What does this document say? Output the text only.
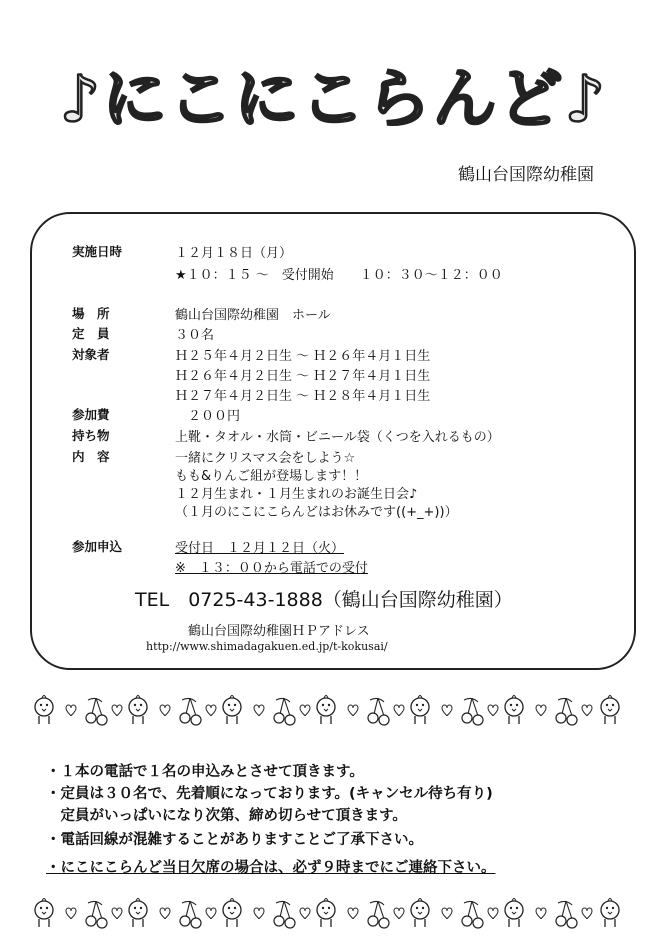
♪にこにこらんど♪
鶴山台国際幼稚園
実施日時	１２月１８日（月）
★１０：１５ ～　受付開始　　１０：３０～１２：００
場　所	鶴山台国際幼稚園　ホール
定　員	３０名
対象者	Ｈ２５年４月２日生 ～ Ｈ２６年４月１日生
Ｈ２６年４月２日生 ～ Ｈ２７年４月１日生
Ｈ２７年４月２日生 ～ Ｈ２８年４月１日生
参加費	２００円
持ち物	上靴・タオル・水筒・ビニール袋（くつを入れるもの）
内　容	一緒にクリスマス会をしよう☆
もも&りんご組が登場します！！
１２月生まれ・１月生まれのお誕生日会♪
（１月のにこにこらんどはお休みです((+_+))）
参加申込	受付日　１２月１２日（火）
※　１３：００から電話での受付
TEL　0725-43-1888（鶴山台国際幼稚園）
鶴山台国際幼稚園ＨＰアドレス
http://www.shimadagakuen.ed.jp/t-kokusai/
・１本の電話で１名の申込みとさせて頂きます。
・定員は３０名で、先着順になっております。(キャンセル待ち有り)
　定員がいっぱいになり次第、締め切らせて頂きます。
・電話回線が混雑することがありますことご了承下さい。
・にこにこらんど当日欠席の場合は、必ず９時までにご連絡下さい。
